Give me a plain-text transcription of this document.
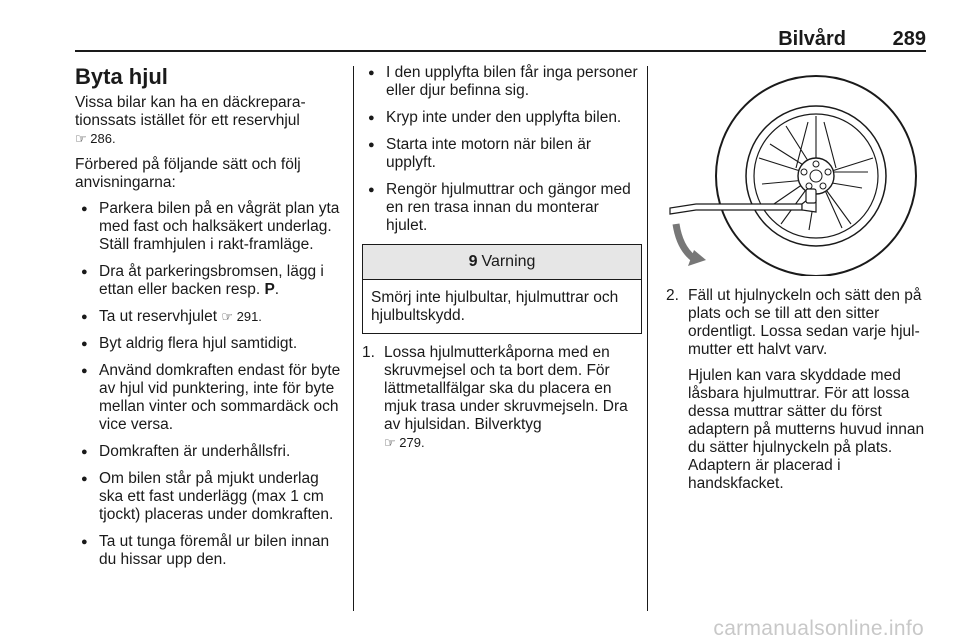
Bilvård 289
Byta hjul

Vissa bilar kan ha en däckrepara-tionssats istället för ett reservhjul
☞ 286.

Förbered på följande sätt och följ anvisningarna:

● Parkera bilen på en vågrät plan yta med fast och halksäkert underlag. Ställ framhjulen i rakt-framläge.
● Dra åt parkeringsbromsen, lägg i ettan eller backen resp. P.
● Ta ut reservhjulet ☞ 291.
● Byt aldrig flera hjul samtidigt.
● Använd domkraften endast för byte av hjul vid punktering, inte för byte mellan vinter och sommardäck och vice versa.
● Domkraften är underhållsfri.
● Om bilen står på mjukt underlag ska ett fast underlägg (max 1 cm tjockt) placeras under domkraften.
● Ta ut tunga föremål ur bilen innan du hissar upp den.
● I den upplyfta bilen får inga personer eller djur befinna sig.
● Kryp inte under den upplyfta bilen.
● Starta inte motorn när bilen är upplyft.
● Rengör hjulmuttrar och gängor med en ren trasa innan du monterar hjulet.
9 Varning
Smörj inte hjulbultar, hjulmuttrar och hjulbultskydd.
1. Lossa hjulmutterkåporna med en skruvmejsel och ta bort dem. För lättmetallfälgar ska du placera en mjuk trasa under skruvmejseln. Dra av hjulsidan. Bilverktyg
☞ 279.

2. Fäll ut hjulnyckeln och sätt den på plats och se till att den sitter ordentligt. Lossa sedan varje hjul-mutter ett halvt varv.

Hjulen kan vara skyddade med låsbara hjulmuttrar. För att lossa dessa muttrar sätter du först adaptern på mutterns huvud innan du sätter hjulnyckeln på plats. Adaptern är placerad i handskfacket.

carmanualsonline.info
